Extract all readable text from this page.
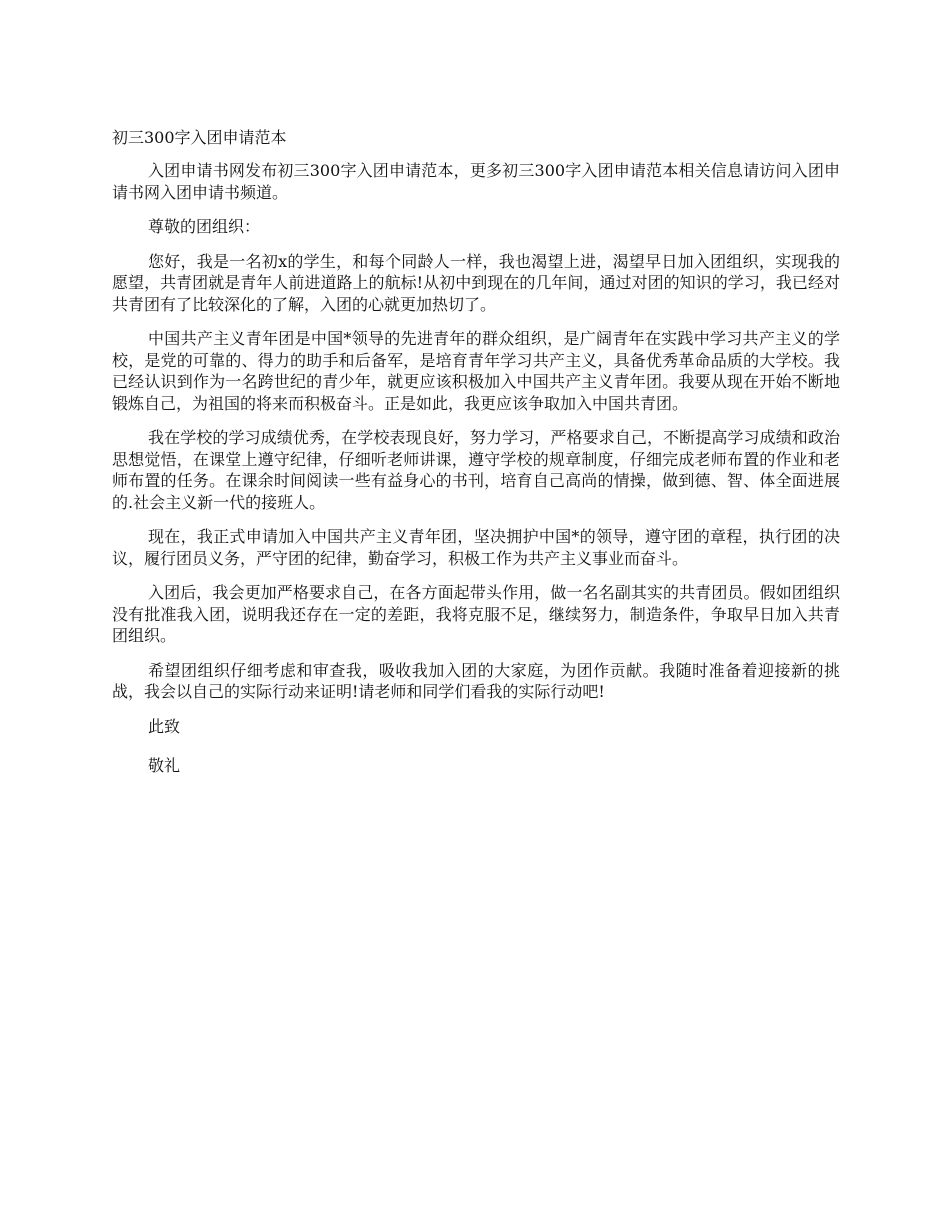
初三300字入团申请范本

入团申请书网发布初三300字入团申请范本，更多初三300字入团申请范本相关信息请访问入团申请书网入团申请书频道。

尊敬的团组织：

您好，我是一名初x的学生，和每个同龄人一样，我也渴望上进，渴望早日加入团组织，实现我的愿望，共青团就是青年人前进道路上的航标!从初中到现在的几年间，通过对团的知识的学习，我已经对共青团有了比较深化的了解，入团的心就更加热切了。

中国共产主义青年团是中国*领导的先进青年的群众组织，是广阔青年在实践中学习共产主义的学校，是党的可靠的、得力的助手和后备军，是培育青年学习共产主义，具备优秀革命品质的大学校。我已经认识到作为一名跨世纪的青少年，就更应该积极加入中国共产主义青年团。我要从现在开始不断地锻炼自己，为祖国的将来而积极奋斗。正是如此，我更应该争取加入中国共青团。

我在学校的学习成绩优秀，在学校表现良好，努力学习，严格要求自己，不断提高学习成绩和政治思想觉悟，在课堂上遵守纪律，仔细听老师讲课，遵守学校的规章制度，仔细完成老师布置的作业和老师布置的任务。在课余时间阅读一些有益身心的书刊，培育自己高尚的情操，做到德、智、体全面进展的.社会主义新一代的接班人。

现在，我正式申请加入中国共产主义青年团，坚决拥护中国*的领导，遵守团的章程，执行团的决议，履行团员义务，严守团的纪律，勤奋学习，积极工作为共产主义事业而奋斗。

入团后，我会更加严格要求自己，在各方面起带头作用，做一名名副其实的共青团员。假如团组织没有批准我入团，说明我还存在一定的差距，我将克服不足，继续努力，制造条件，争取早日加入共青团组织。

希望团组织仔细考虑和审查我，吸收我加入团的大家庭，为团作贡献。我随时准备着迎接新的挑战，我会以自己的实际行动来证明!请老师和同学们看我的实际行动吧!

此致

敬礼
